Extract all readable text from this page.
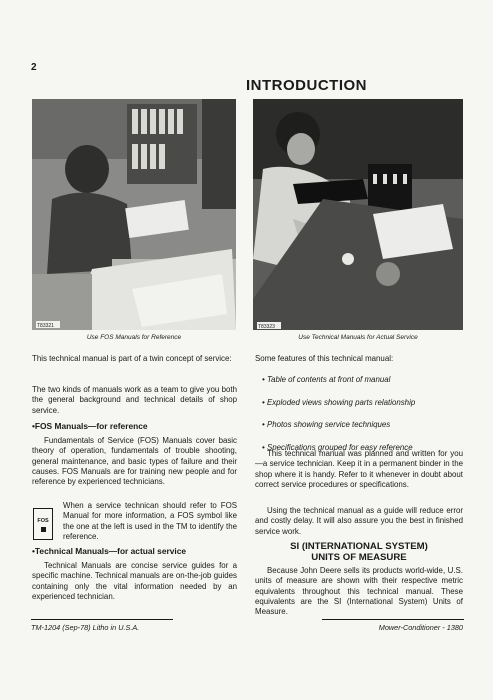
2
INTRODUCTION
T83321	T83323
Use FOS Manuals for Reference	Use Technical Manuals for Actual Service
This technical manual is part of a twin concept of service:
The two kinds of manuals work as a team to give you both the general background and technical details of shop service.
•FOS Manuals—for reference
Fundamentals of Service (FOS) Manuals cover basic theory of operation, fundamentals of trouble shooting, general maintenance, and basic types of failure and their causes. FOS Manuals are for training new people and for reference by experienced technicians.
FOS
When a service technican should refer to FOS Manual for more information, a FOS symbol like the one at the left is used in the TM to identify the reference.
•Technical Manuals—for actual service
Technical Manuals are concise service guides for a specific machine. Technical manuals are on-the-job guides containing only the vital information needed by an experienced technician.
Some features of this technical manual:
• Table of contents at front of manual
• Exploded views showing parts relationship
• Photos showing service techniques
• Specifications grouped for easy reference
This technical manual was planned and written for you—a service technician. Keep it in a permanent binder in the shop where it is handy. Refer to it whenever in doubt about correct service procedures or specifications.
Using the technical manual as a guide will reduce error and costly delay. It will also assure you the best in finished service work.
SI (INTERNATIONAL SYSTEM)
UNITS OF MEASURE
Because John Deere sells its products world-wide, U.S. units of measure are shown with their respective metric equivalents throughout this technical manual. These equivalents are the SI (International System) Units of Measure.
TM-1204 (Sep-78) Litho in U.S.A.	Mower-Conditioner - 1380
